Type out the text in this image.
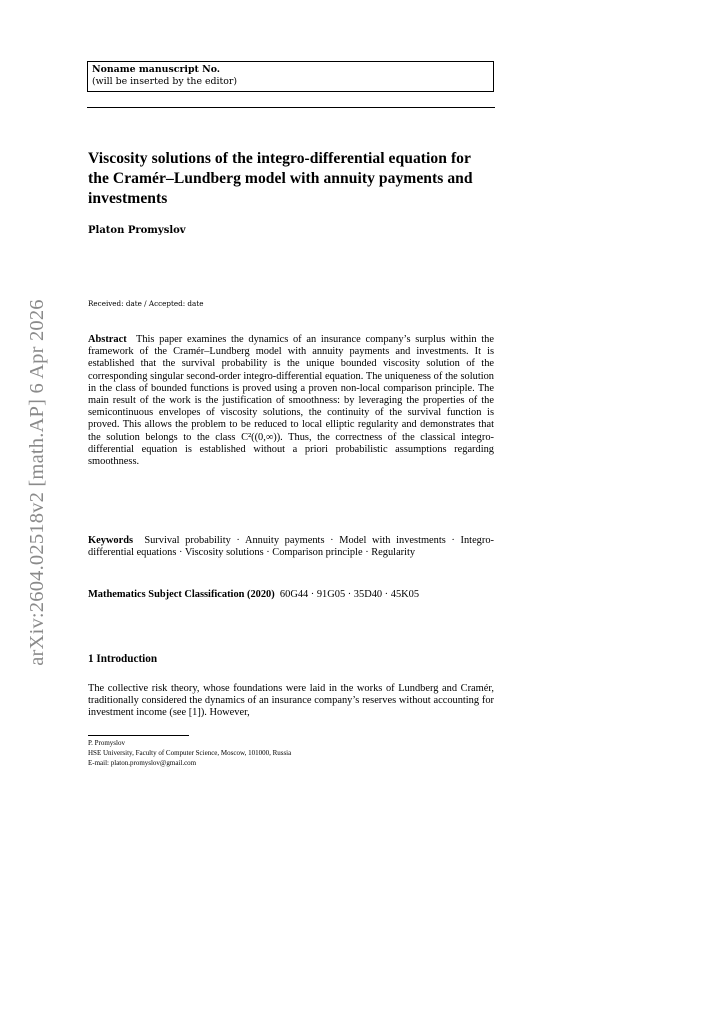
arXiv:2604.02518v2 [math.AP] 6 Apr 2026
Noname manuscript No.
(will be inserted by the editor)
Viscosity solutions of the integro-differential equation for the Cramér–Lundberg model with annuity payments and investments
Platon Promyslov
Received: date / Accepted: date

Abstract This paper examines the dynamics of an insurance company’s surplus within the framework of the Cramér–Lundberg model with annuity payments and investments. It is established that the survival probability is the unique bounded viscosity solution of the corresponding singular second-order integro-differential equation. The uniqueness of the solution in the class of bounded functions is proved using a proven non-local comparison principle. The main result of the work is the justification of smoothness: by leveraging the properties of the semicontinuous envelopes of viscosity solutions, the continuity of the survival function is proved. This allows the problem to be reduced to local elliptic regularity and demonstrates that the solution belongs to the class C²((0,∞)). Thus, the correctness of the classical integro-differential equation is established without a priori probabilistic assumptions regarding smoothness.

Keywords Survival probability · Annuity payments · Model with investments · Integro-differential equations · Viscosity solutions · Comparison principle · Regularity

Mathematics Subject Classification (2020) 60G44 · 91G05 · 35D40 · 45K05

1 Introduction

The collective risk theory, whose foundations were laid in the works of Lundberg and Cramér, traditionally considered the dynamics of an insurance company’s reserves without accounting for investment income (see [1]). However,

P. Promyslov
HSE University, Faculty of Computer Science, Moscow, 101000, Russia
E-mail: platon.promyslov@gmail.com
